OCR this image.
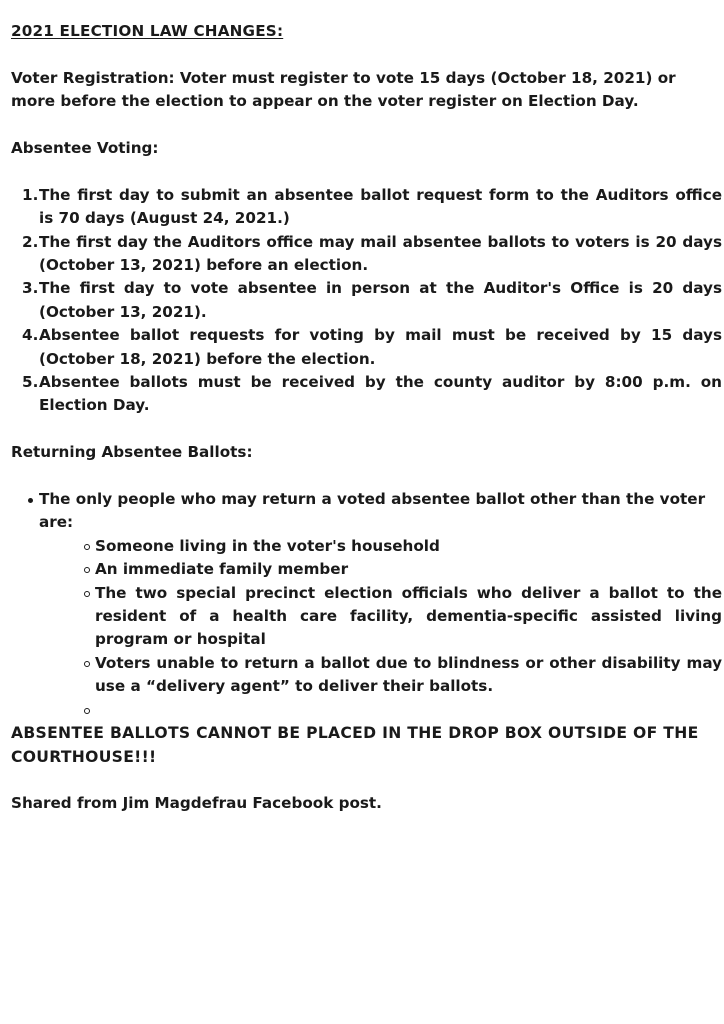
2021 ELECTION LAW CHANGES:

Voter Registration: Voter must register to vote 15 days (October 18, 2021) or more before the election to appear on the voter register on Election Day.

Absentee Voting:

1. The first day to submit an absentee ballot request form to the Auditors office is 70 days (August 24, 2021.)
2. The first day the Auditors office may mail absentee ballots to voters is 20 days (October 13, 2021) before an election.
3. The first day to vote absentee in person at the Auditor's Office is 20 days (October 13, 2021).
4. Absentee ballot requests for voting by mail must be received by 15 days (October 18, 2021) before the election.
5. Absentee ballots must be received by the county auditor by 8:00 p.m. on Election Day.

Returning Absentee Ballots:

The only people who may return a voted absentee ballot other than the voter are:
Someone living in the voter's household
An immediate family member
The two special precinct election officials who deliver a ballot to the resident of a health care facility, dementia-specific assisted living program or hospital
Voters unable to return a ballot due to blindness or other disability may use a “delivery agent” to deliver their ballots.

ABSENTEE BALLOTS CANNOT BE PLACED IN THE DROP BOX OUTSIDE OF THE COURTHOUSE!!!

Shared from Jim Magdefrau Facebook post.
